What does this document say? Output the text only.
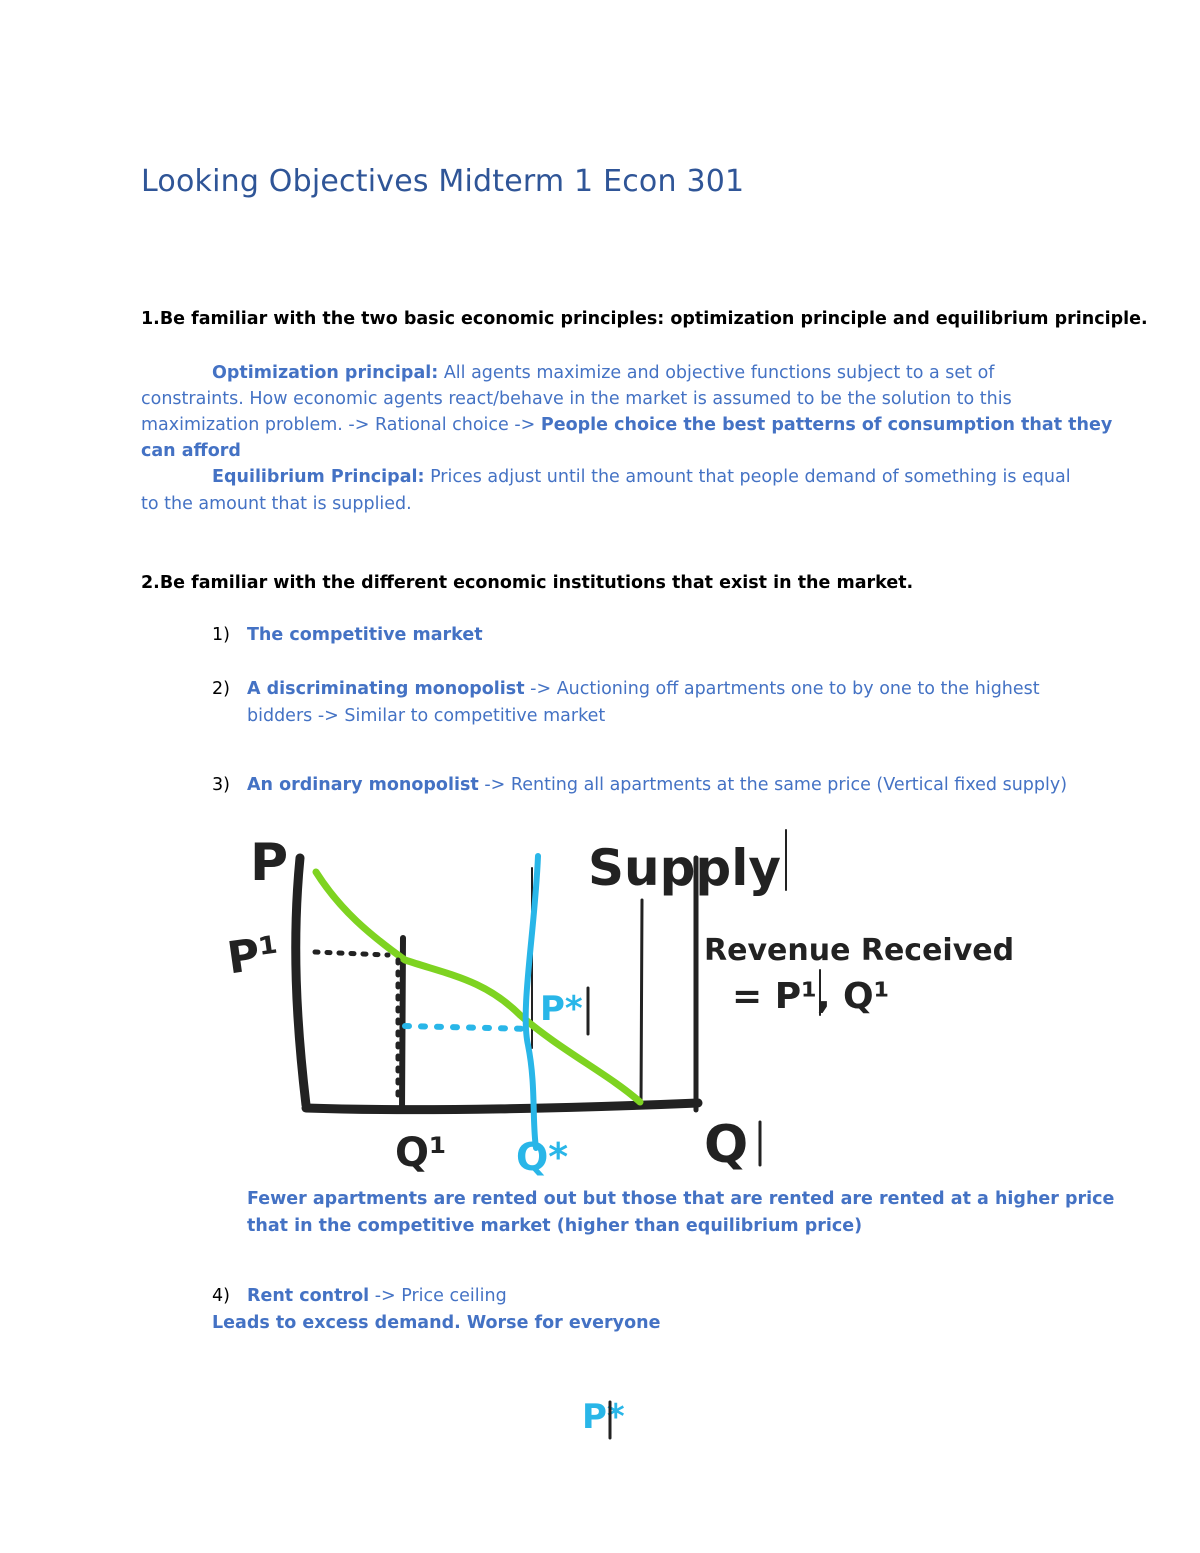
Looking Objectives Midterm 1 Econ 301
1.Be familiar with the two basic economic principles: optimization principle and equilibrium principle.
Optimization principal: All agents maximize and objective functions subject to a set of
constraints. How economic agents react/behave in the market is assumed to be the solution to this
maximization problem. -> Rational choice -> People choice the best patterns of consumption that they
can afford
Equilibrium Principal: Prices adjust until the amount that people demand of something is equal
to the amount that is supplied.
2.Be familiar with the different economic institutions that exist in the market.
1) The competitive market
2) A discriminating monopolist -> Auctioning off apartments one to by one to the highest
bidders -> Similar to competitive market
3) An ordinary monopolist -> Renting all apartments at the same price (Vertical fixed supply)
P
P¹
Supply
Revenue Received
= P¹, Q¹
P*
Q¹ Q*	Q
Fewer apartments are rented out but those that are rented are rented at a higher price
that in the competitive market (higher than equilibrium price)
4) Rent control -> Price ceiling
Leads to excess demand. Worse for everyone
P*
